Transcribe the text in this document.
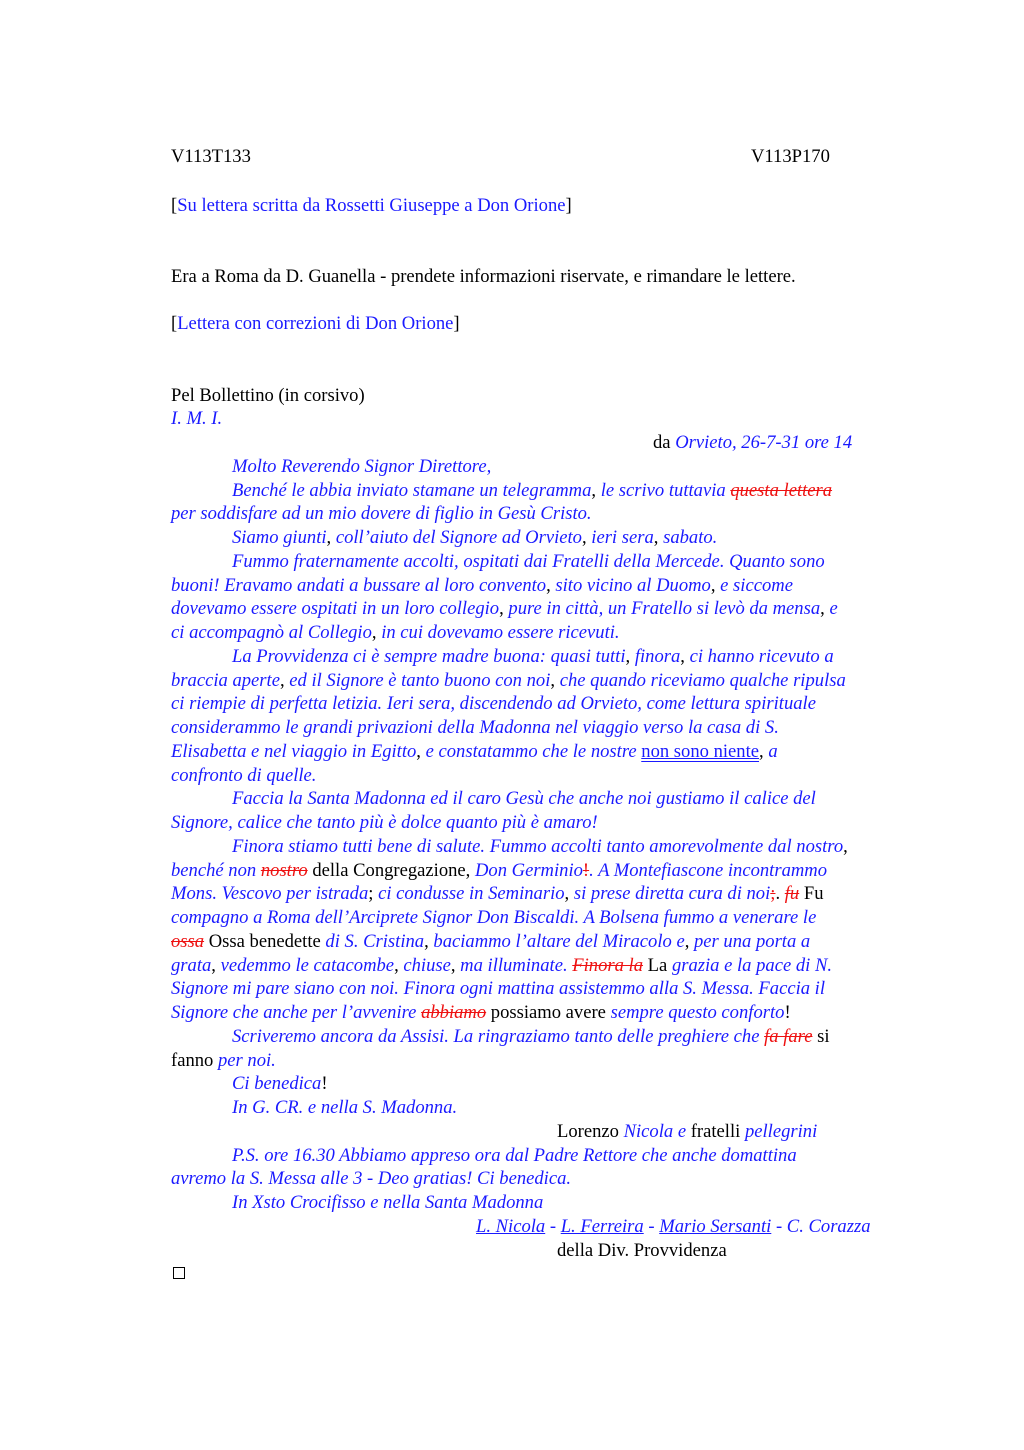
V113T133	V113P170
[Su lettera scritta da Rossetti Giuseppe a Don Orione]
Era a Roma da D. Guanella - prendete informazioni riservate, e rimandare le lettere.
[Lettera con correzioni di Don Orione]
Pel Bollettino (in corsivo)
I. M. I.
da Orvieto, 26-7-31 ore 14
Molto Reverendo Signor Direttore,
Benché le abbia inviato stamane un telegramma, le scrivo tuttavia questa lettera
per soddisfare ad un mio dovere di figlio in Gesù Cristo.
Siamo giunti, coll’aiuto del Signore ad Orvieto, ieri sera, sabato.
Fummo fraternamente accolti, ospitati dai Fratelli della Mercede. Quanto sono
buoni! Eravamo andati a bussare al loro convento, sito vicino al Duomo, e siccome
dovevamo essere ospitati in un loro collegio, pure in città, un Fratello si levò da mensa, e
ci accompagnò al Collegio, in cui dovevamo essere ricevuti.
La Provvidenza ci è sempre madre buona: quasi tutti, finora, ci hanno ricevuto a
braccia aperte, ed il Signore è tanto buono con noi, che quando riceviamo qualche ripulsa
ci riempie di perfetta letizia. Ieri sera, discendendo ad Orvieto, come lettura spirituale
considerammo le grandi privazioni della Madonna nel viaggio verso la casa di S.
Elisabetta e nel viaggio in Egitto, e constatammo che le nostre non sono niente, a
confronto di quelle.
Faccia la Santa Madonna ed il caro Gesù che anche noi gustiamo il calice del
Signore, calice che tanto più è dolce quanto più è amaro!
Finora stiamo tutti bene di salute. Fummo accolti tanto amorevolmente dal nostro,
benché non nostro della Congregazione, Don Germinio!. A Montefiascone incontrammo
Mons. Vescovo per istrada; ci condusse in Seminario, si prese diretta cura di noi;. fu Fu
compagno a Roma dell’Arciprete Signor Don Biscaldi. A Bolsena fummo a venerare le
ossa Ossa benedette di S. Cristina, baciammo l’altare del Miracolo e, per una porta a
grata, vedemmo le catacombe, chiuse, ma illuminate. Finora la La grazia e la pace di N.
Signore mi pare siano con noi. Finora ogni mattina assistemmo alla S. Messa. Faccia il
Signore che anche per l’avvenire abbiamo possiamo avere sempre questo conforto!
Scriveremo ancora da Assisi. La ringraziamo tanto delle preghiere che fa fare si
fanno per noi.
Ci benedica!
In G. CR. e nella S. Madonna.
Lorenzo Nicola e fratelli pellegrini
P.S. ore 16.30 Abbiamo appreso ora dal Padre Rettore che anche domattina
avremo la S. Messa alle 3 - Deo gratias! Ci benedica.
In Xsto Crocifisso e nella Santa Madonna
L. Nicola - L. Ferreira - Mario Sersanti - C. Corazza
della Div. Provvidenza
